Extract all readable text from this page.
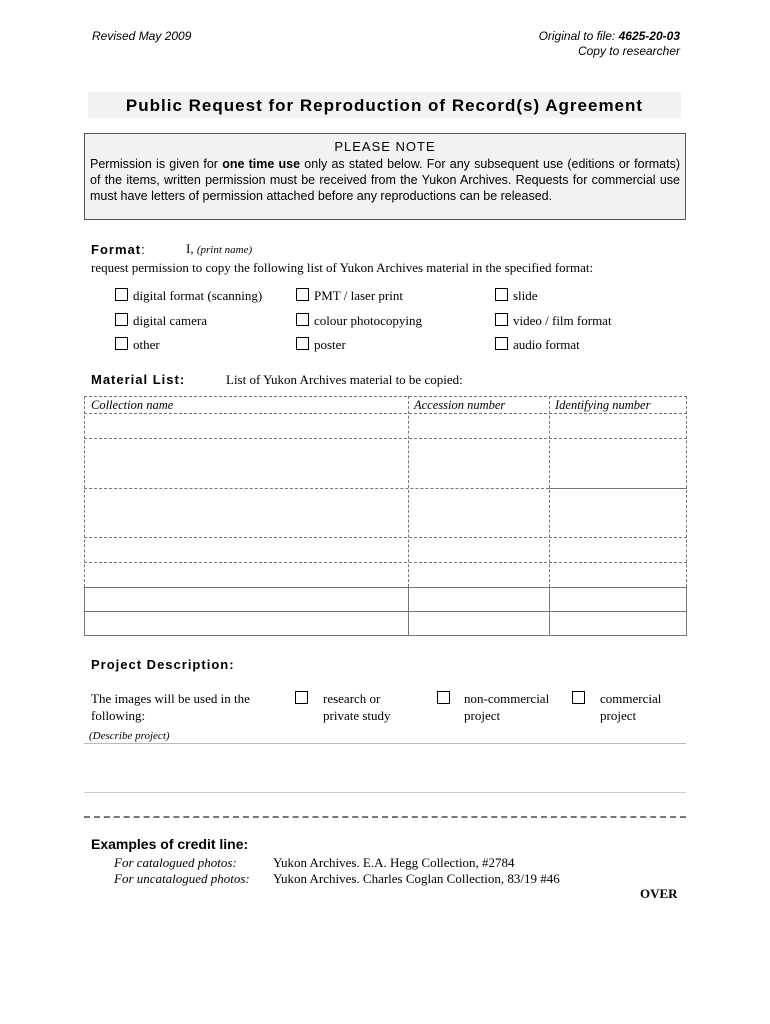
Revised May 2009	Original to file: 4625-20-03
Copy to researcher
Public Request for Reproduction of Record(s) Agreement
PLEASE NOTE
Permission is given for one time use only as stated below. For any subsequent use (editions or formats) of the items, written permission must be received from the Yukon Archives. Requests for commercial use must have letters of permission attached before any reproductions can be released.
Format:	I, (print name)
request permission to copy the following list of Yukon Archives material in the specified format:
digital format (scanning)	PMT / laser print	slide
digital camera	colour photocopying	video / film format
other	poster	audio format
Material List:	List of Yukon Archives material to be copied:
Collection name	Accession number	Identifying number
Project Description:
The images will be used in the
following:
research or
private study
non-commercial
project
commercial
project
(Describe project)
Examples of credit line:
For catalogued photos:	Yukon Archives. E.A. Hegg Collection, #2784
For uncatalogued photos: Yukon Archives. Charles Coglan Collection, 83/19 #46
OVER
